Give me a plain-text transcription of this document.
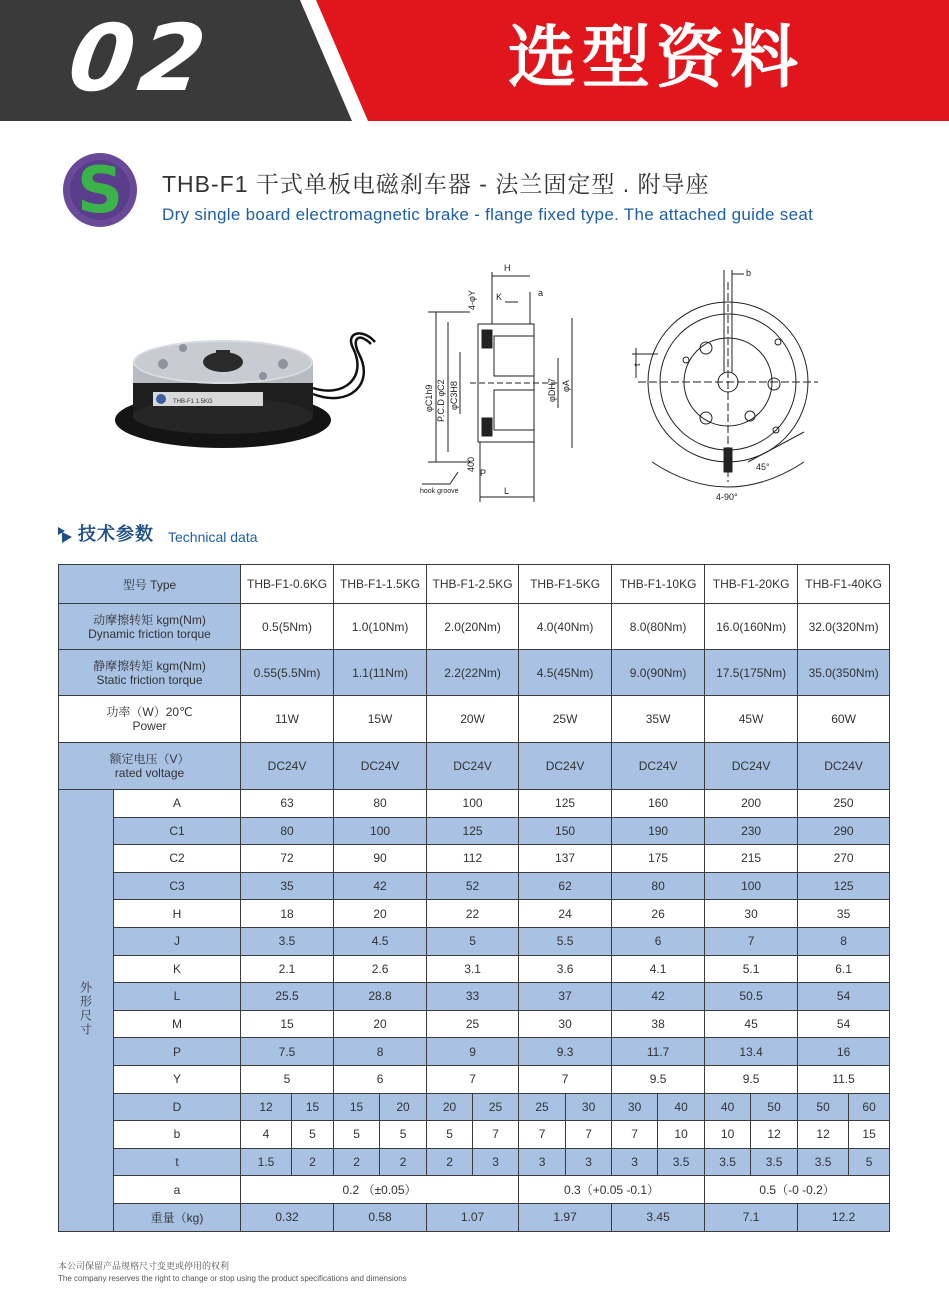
02	选型资料
S THB-F1 干式单板电磁刹车器 - 法兰固定型 . 附导座
Dry single board electromagnetic brake - flange fixed type. The attached guide seat
THB-F1 1.5KG
H
4-φY K	a
φC1h9 P.C.D φC2 φC3H8	φDH7 φA
400
P
L
hook groove
b
t
45°
4-90°
技术参数 Technical data
型号 Type		THB-F1-0.6KG		THB-F1-1.5KG		THB-F1-2.5KG		THB-F1-5KG		THB-F1-10KG		THB-F1-20KG		THB-F1-40KG	

动摩擦转矩 kgm(Nm)
Dynamic friction torque		0.5(5Nm)		1.0(10Nm)		2.0(20Nm)		4.0(40Nm)		8.0(80Nm)		16.0(160Nm)		32.0(320Nm)	

静摩擦转矩 kgm(Nm)
Static friction torque		0.55(5.5Nm)		1.1(11Nm)		2.2(22Nm)		4.5(45Nm)		9.0(90Nm)		17.5(175Nm)		35.0(350Nm)	

功率（W）20℃
Power		11W		15W		20W		25W		35W		45W		60W	

额定电压（V）
rated voltage		DC24V		DC24V		DC24V		DC24V		DC24V		DC24V		DC24V	
外形尺寸	A	63		80		100		125		160		200		250	
	C1	80		100		125		150		190		230		290	
	C2	72		90		112		137		175		215		270	
	C3	35		42		52		62		80		100		125	
	H	18		20		22		24		26		30		35	
	J	3.5		4.5		5		5.5		6		7		8	
	K	2.1		2.6		3.1		3.6		4.1		5.1		6.1	
	L	25.5		28.8		33		37		42		50.5		54	
	M	15		20		25		30		38		45		54	
	P	7.5		8		9		9.3		11.7		13.4		16	
	Y	5		6		7		7		9.5		9.5		11.5	
	D	12	15	15	20	20	25	25	30	30	40	40	50	50	60
	b	4	5	5	5	5	7	7	7	7	10	10	12	12	15
	t	1.5	2	2	2	2	3	3	3	3	3.5	3.5	3.5	3.5	5
	a	0.2 （±0.05）						0.3（+0.05 -0.1）				0.5（-0 -0.2）			
	重量（kg)	0.32		0.58		1.07		1.97		3.45		7.1		12.2	
本公司保留产品规格尺寸变更或停用的权利
The company reserves the right to change or stop using the product specifications and dimensions
